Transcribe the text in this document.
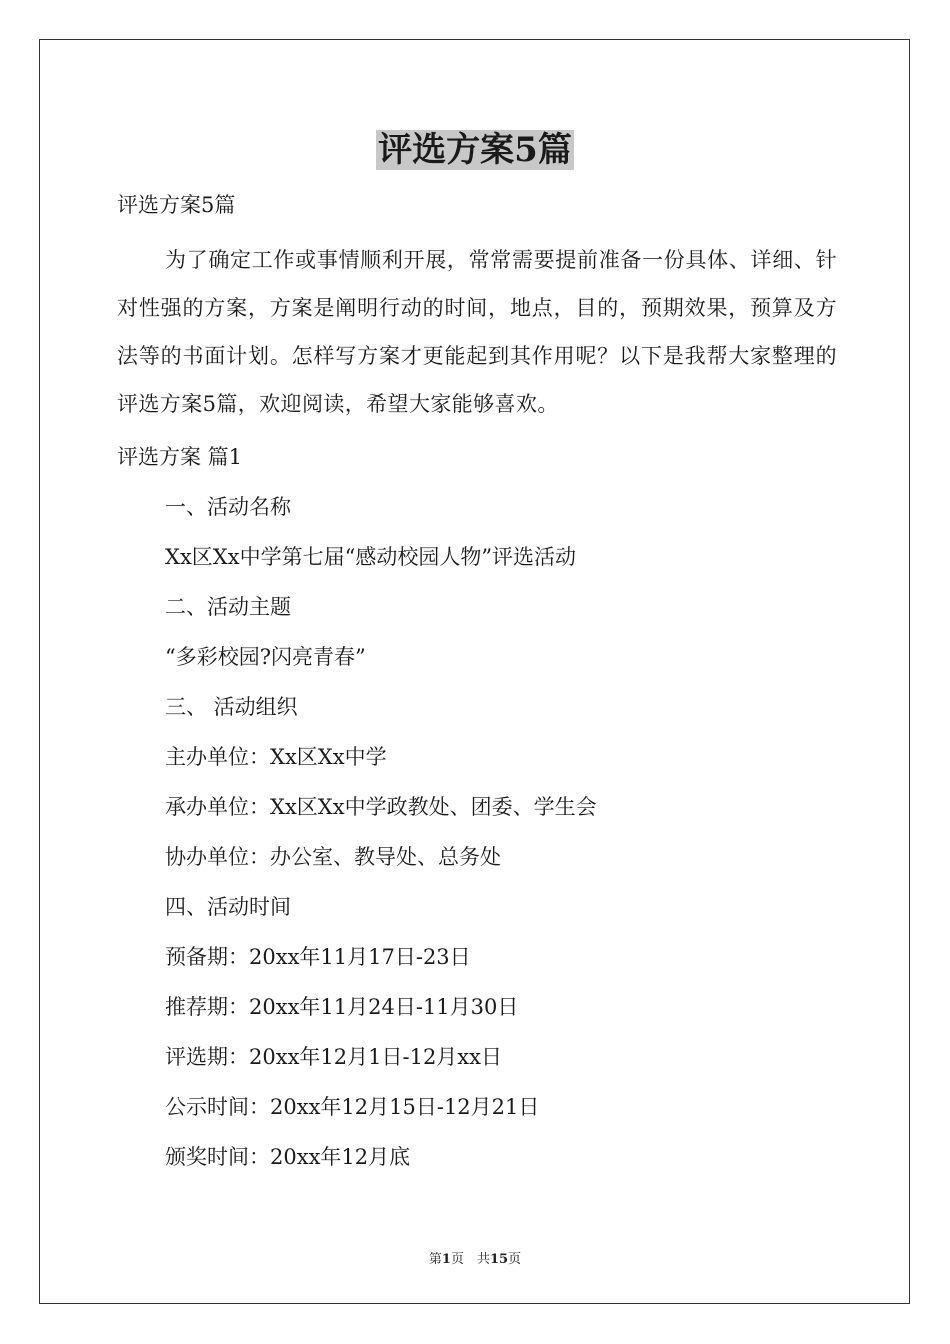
评选方案5篇
评选方案5篇
为了确定工作或事情顺利开展，常常需要提前准备一份具体、详细、针对性强的方案，方案是阐明行动的时间，地点，目的，预期效果，预算及方法等的书面计划。怎样写方案才更能起到其作用呢？以下是我帮大家整理的评选方案5篇，欢迎阅读，希望大家能够喜欢。
评选方案 篇1
一、活动名称
Xx区Xx中学第七届“感动校园人物”评选活动
二、活动主题
“多彩校园?闪亮青春”
三、 活动组织
主办单位：Xx区Xx中学
承办单位：Xx区Xx中学政教处、团委、学生会
协办单位：办公室、教导处、总务处
四、活动时间
预备期：20xx年11月17日-23日
推荐期：20xx年11月24日-11月30日
评选期：20xx年12月1日-12月xx日
公示时间：20xx年12月15日-12月21日
颁奖时间：20xx年12月底
第1页　共15页
